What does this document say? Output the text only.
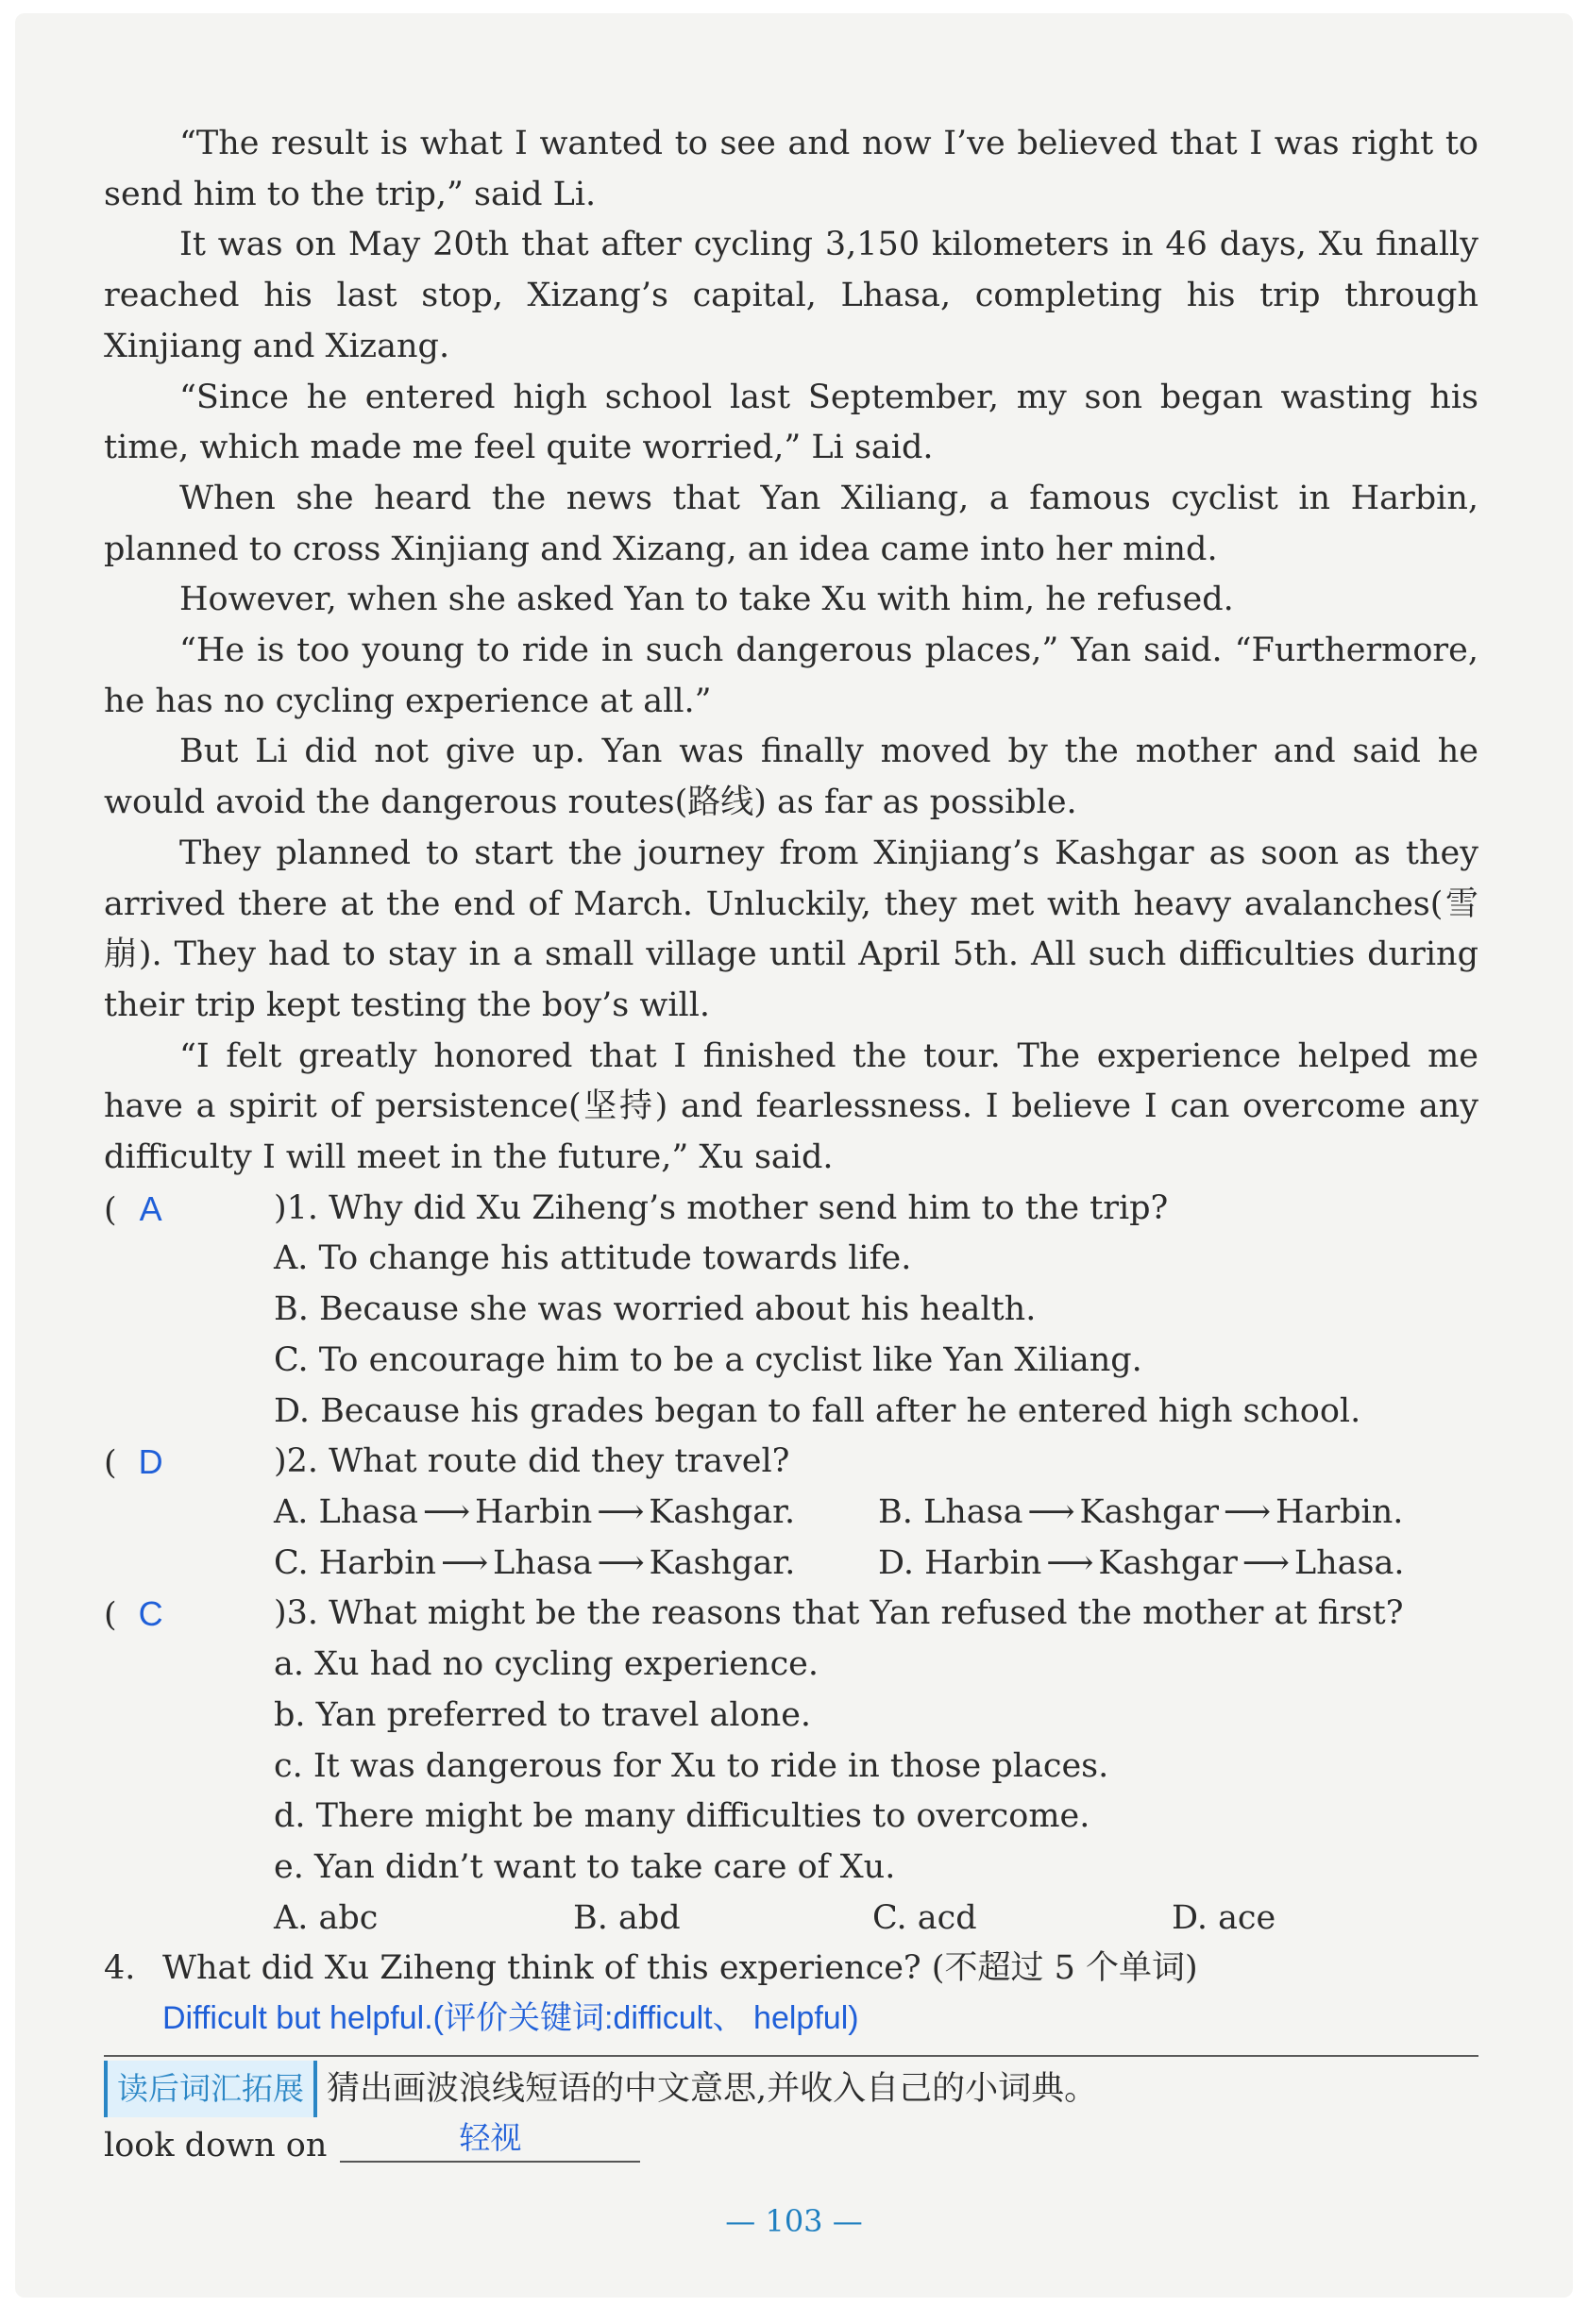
“The result is what I wanted to see and now I’ve believed that I was right to send him to the trip,” said Li.

It was on May 20th that after cycling 3,150 kilometers in 46 days, Xu finally reached his last stop, Xizang’s capital, Lhasa, completing his trip through Xinjiang and Xizang.

“Since he entered high school last September, my son began wasting his time, which made me feel quite worried,” Li said.

When she heard the news that Yan Xiliang, a famous cyclist in Harbin, planned to cross Xinjiang and Xizang, an idea came into her mind.

However, when she asked Yan to take Xu with him, he refused.

“He is too young to ride in such dangerous places,” Yan said. “Furthermore, he has no cycling experience at all.”

But Li did not give up. Yan was finally moved by the mother and said he would avoid the dangerous routes(路线) as far as possible.

They planned to start the journey from Xinjiang’s Kashgar as soon as they arrived there at the end of March. Unluckily, they met with heavy avalanches(雪崩). They had to stay in a small village until April 5th. All such difficulties during their trip kept testing the boy’s will.

“I felt greatly honored that I finished the tour. The experience helped me have a spirit of persistence(坚持) and fearlessness. I believe I can overcome any difficulty I will meet in the future,” Xu said.

( A	)1. Why did Xu Ziheng’s mother send him to the trip?

A. To change his attitude towards life.

B. Because she was worried about his health.

C. To encourage him to be a cyclist like Yan Xiliang.

D. Because his grades began to fall after he entered high school.

( D	)2. What route did they travel?

A. Lhasa ⟶ Harbin ⟶ Kashgar.	B. Lhasa ⟶ Kashgar ⟶ Harbin.
C. Harbin ⟶ Lhasa ⟶ Kashgar.	D. Harbin ⟶ Kashgar ⟶ Lhasa.

( C	)3. What might be the reasons that Yan refused the mother at first?

a. Xu had no cycling experience.

b. Yan preferred to travel alone.

c. It was dangerous for Xu to ride in those places.

d. There might be many difficulties to overcome.

e. Yan didn’t want to take care of Xu.

A. abc	B. abd	C. acd	D. ace

4. What did Xu Ziheng think of this experience? (不超过 5 个单词)

Difficult but helpful.(评价关键词:difficult、 helpful)

读后词汇拓展 猜出画波浪线短语的中文意思,并收入自己的小词典。

look down on	轻视

— 103 —
